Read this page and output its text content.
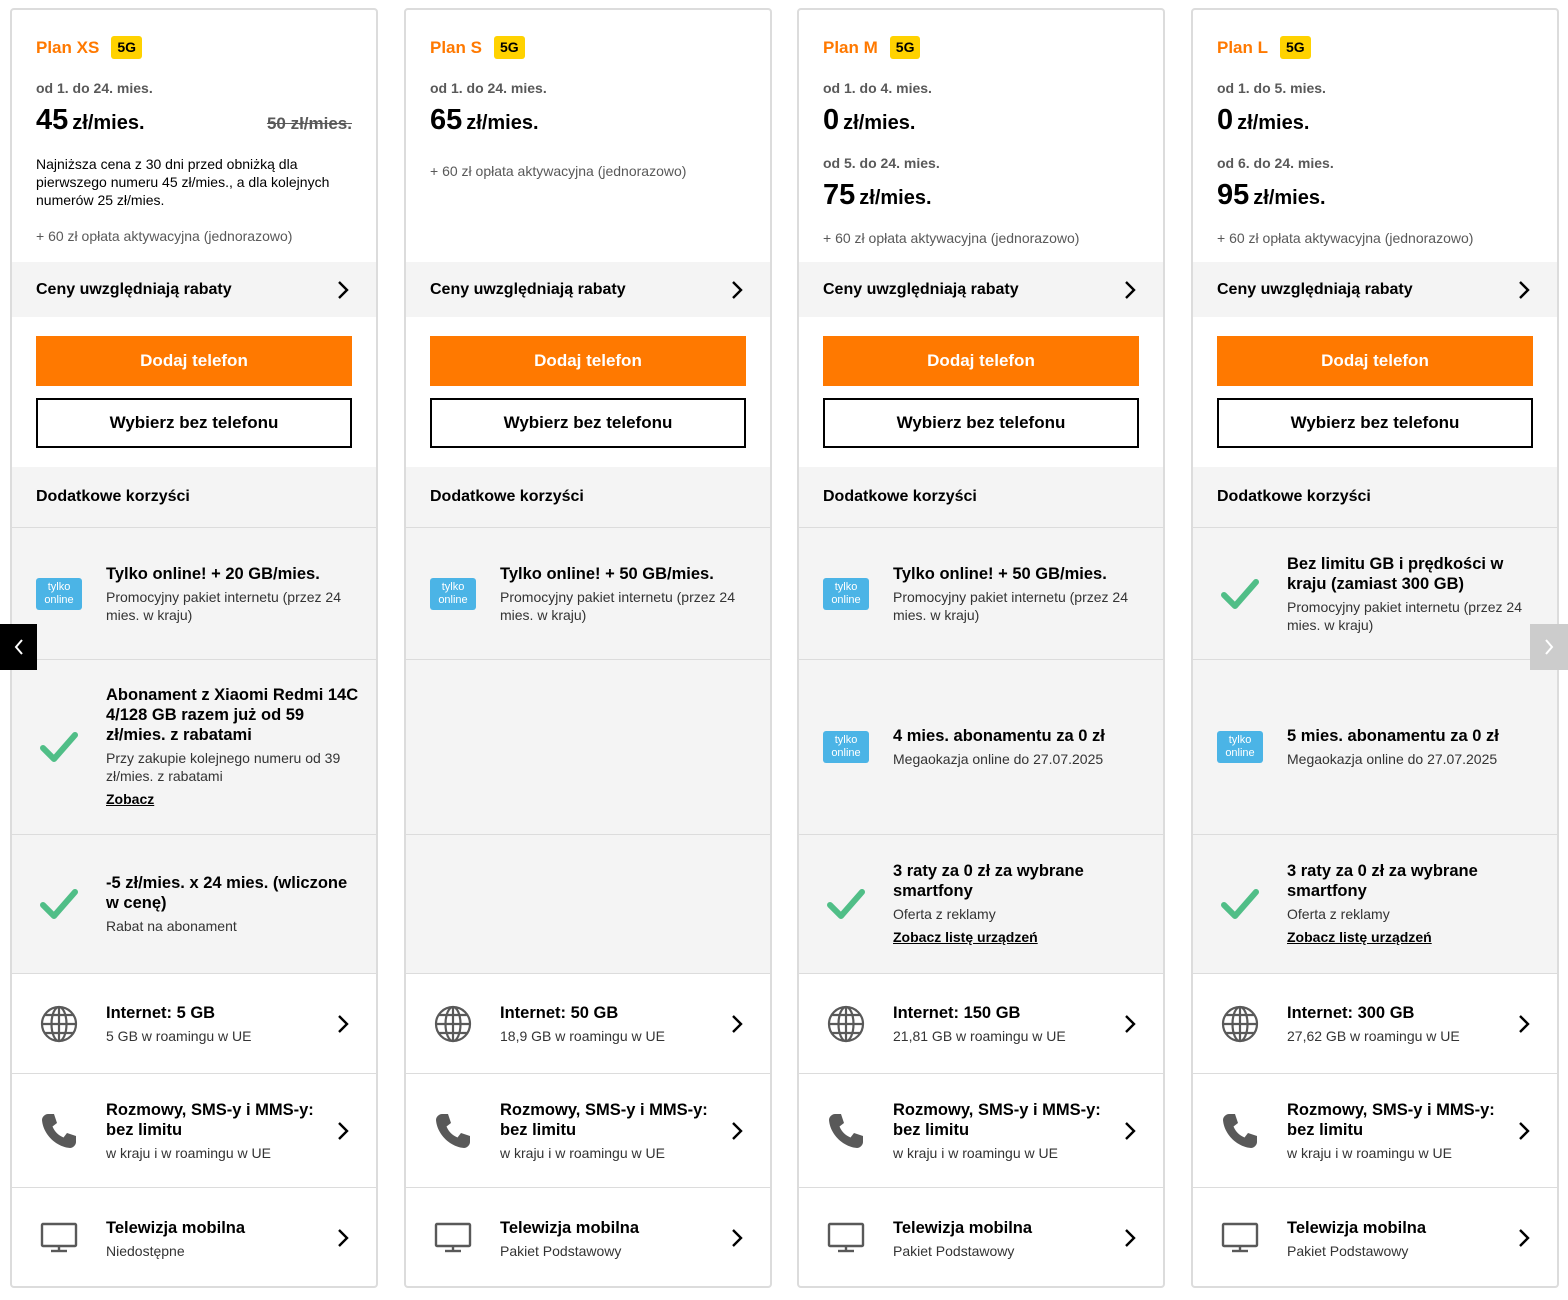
Plan XS	5G
od 1. do 24. mies.
45 zł/mies.	50 zł/mies.
Najniższa cena z 30 dni przed obniżką dla pierwszego numeru 45 zł/mies., a dla kolejnych numerów 25 zł/mies.
+ 60 zł opłata aktywacyjna (jednorazowo)
Ceny uwzględniają rabaty
Dodaj telefon
Wybierz bez telefonu
Dodatkowe korzyści
tylko
online
Tylko online! + 20 GB/mies.
Promocyjny pakiet internetu (przez 24 mies. w kraju)
Abonament z Xiaomi Redmi 14C 4/128 GB razem już od 59 zł/mies. z rabatami
Przy zakupie kolejnego numeru od 39 zł/mies. z rabatami
Zobacz
-5 zł/mies. x 24 mies. (wliczone w cenę)
Rabat na abonament
Internet: 5 GB
5 GB w roamingu w UE
Rozmowy, SMS-y i MMS-y: bez limitu
w kraju i w roamingu w UE
Telewizja mobilna
Niedostępne
Plan S	5G
od 1. do 24. mies.
65 zł/mies.
+ 60 zł opłata aktywacyjna (jednorazowo)
Ceny uwzględniają rabaty
Dodaj telefon
Wybierz bez telefonu
Dodatkowe korzyści
tylko
online
Tylko online! + 50 GB/mies.
Promocyjny pakiet internetu (przez 24 mies. w kraju)
Internet: 50 GB
18,9 GB w roamingu w UE
Rozmowy, SMS-y i MMS-y: bez limitu
w kraju i w roamingu w UE
Telewizja mobilna
Pakiet Podstawowy
Plan M	5G
od 1. do 4. mies.
0 zł/mies.
od 5. do 24. mies.
75 zł/mies.
+ 60 zł opłata aktywacyjna (jednorazowo)
Ceny uwzględniają rabaty
Dodaj telefon
Wybierz bez telefonu
Dodatkowe korzyści
tylko
online
Tylko online! + 50 GB/mies.
Promocyjny pakiet internetu (przez 24 mies. w kraju)
tylko
online
4 mies. abonamentu za 0 zł
Megaokazja online do 27.07.2025
3 raty za 0 zł za wybrane smartfony
Oferta z reklamy
Zobacz listę urządzeń
Internet: 150 GB
21,81 GB w roamingu w UE
Rozmowy, SMS-y i MMS-y: bez limitu
w kraju i w roamingu w UE
Telewizja mobilna
Pakiet Podstawowy
Plan L	5G
od 1. do 5. mies.
0 zł/mies.
od 6. do 24. mies.
95 zł/mies.
+ 60 zł opłata aktywacyjna (jednorazowo)
Ceny uwzględniają rabaty
Dodaj telefon
Wybierz bez telefonu
Dodatkowe korzyści
Bez limitu GB i prędkości w kraju (zamiast 300 GB)
Promocyjny pakiet internetu (przez 24 mies. w kraju)
tylko
online
5 mies. abonamentu za 0 zł
Megaokazja online do 27.07.2025
3 raty za 0 zł za wybrane smartfony
Oferta z reklamy
Zobacz listę urządzeń
Internet: 300 GB
27,62 GB w roamingu w UE
Rozmowy, SMS-y i MMS-y: bez limitu
w kraju i w roamingu w UE
Telewizja mobilna
Pakiet Podstawowy
